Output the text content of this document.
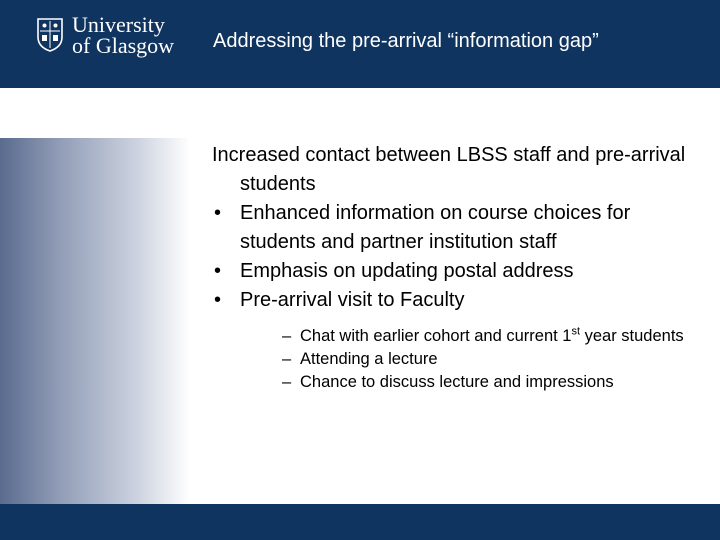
University
of Glasgow Addressing the pre-arrival “information gap”

Increased contact between LBSS staff and pre-arrival students

• Enhanced information on course choices for students and partner institution staff
• Emphasis on updating postal address
• Pre-arrival visit to Faculty
– Chat with earlier cohort and current 1st year students
– Attending a lecture
– Chance to discuss lecture and impressions
